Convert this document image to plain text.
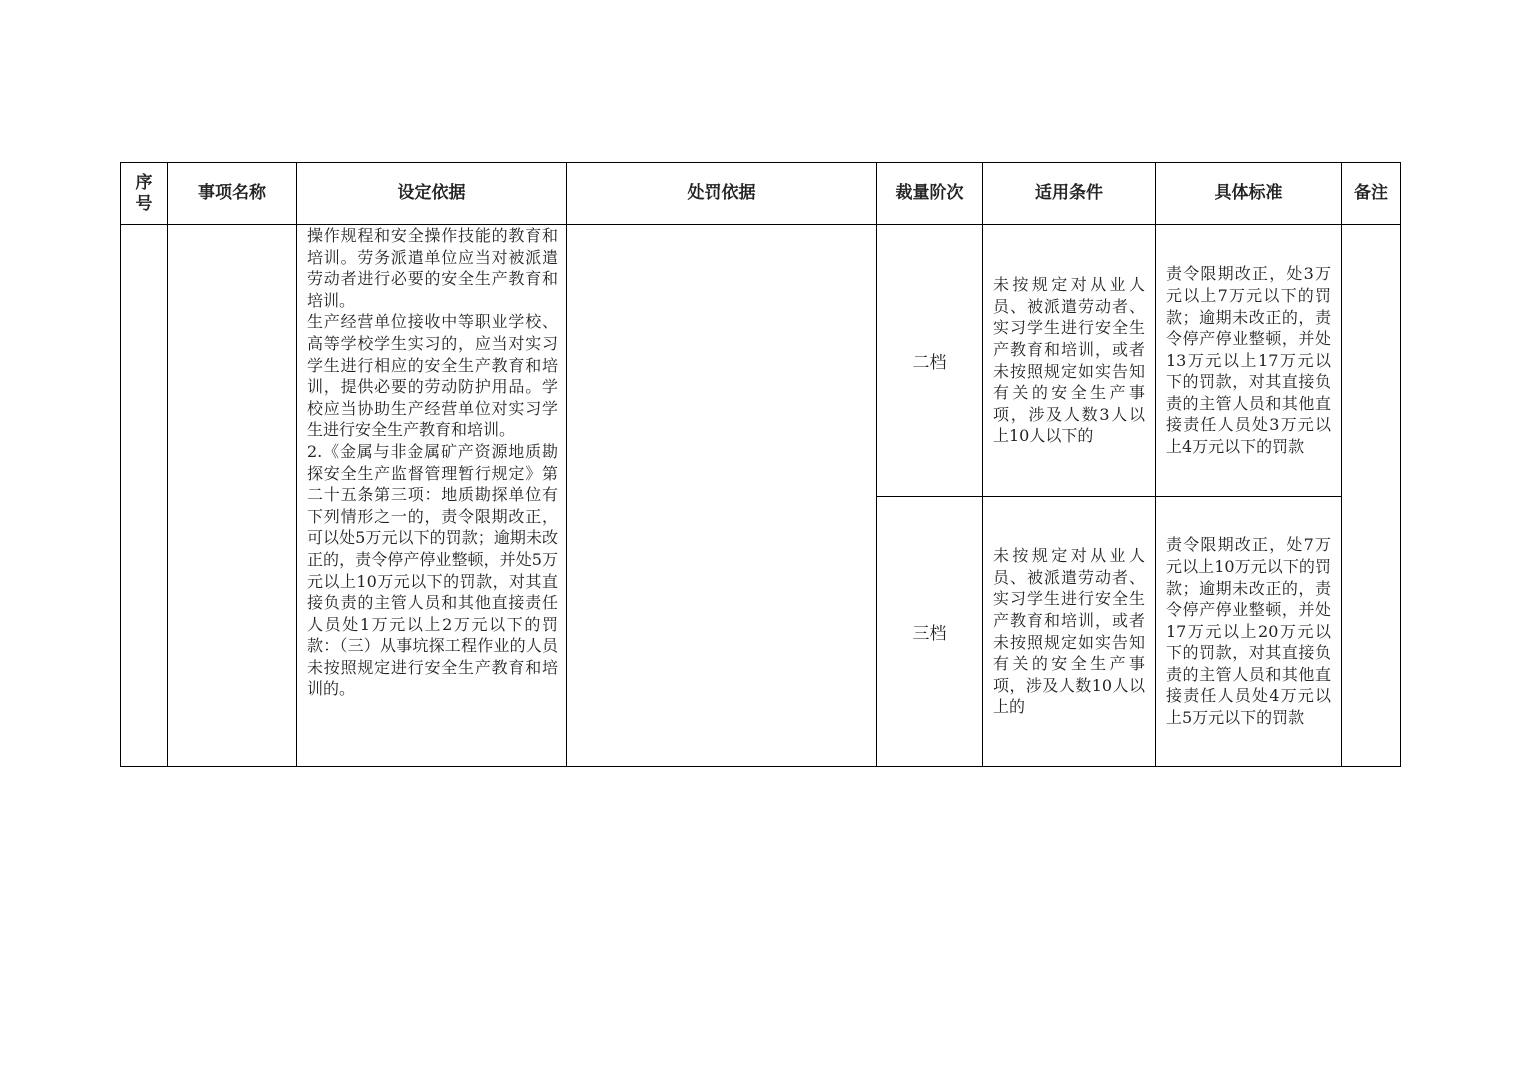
序号	事项名称	设定依据	处罚依据	裁量阶次	适用条件	具体标准	备注

		操作规程和安全操作技能的教育和培训。劳务派遣单位应当对被派遣劳动者进行必要的安全生产教育和培训。
生产经营单位接收中等职业学校、高等学校学生实习的，应当对实习学生进行相应的安全生产教育和培训，提供必要的劳动防护用品。学校应当协助生产经营单位对实习学生进行安全生产教育和培训。
2.《金属与非金属矿产资源地质勘探安全生产监督管理暂行规定》第二十五条第三项：地质勘探单位有下列情形之一的，责令限期改正，可以处5万元以下的罚款；逾期未改正的，责令停产停业整顿，并处5万元以上10万元以下的罚款，对其直接负责的主管人员和其他直接责任人员处1万元以上2万元以下的罚款：（三）从事坑探工程作业的人员未按照规定进行安全生产教育和培训的。		二档	未按规定对从业人员、被派遣劳动者、实习学生进行安全生产教育和培训，或者未按照规定如实告知有关的安全生产事项，涉及人数3人以上10人以下的	责令限期改正，处3万元以上7万元以下的罚款；逾期未改正的，责令停产停业整顿，并处13万元以上17万元以下的罚款，对其直接负责的主管人员和其他直接责任人员处3万元以上4万元以下的罚款	
				三档	未按规定对从业人员、被派遣劳动者、实习学生进行安全生产教育和培训，或者未按照规定如实告知有关的安全生产事项，涉及人数10人以上的	责令限期改正，处7万元以上10万元以下的罚款；逾期未改正的，责令停产停业整顿，并处17万元以上20万元以下的罚款，对其直接负责的主管人员和其他直接责任人员处4万元以上5万元以下的罚款	
